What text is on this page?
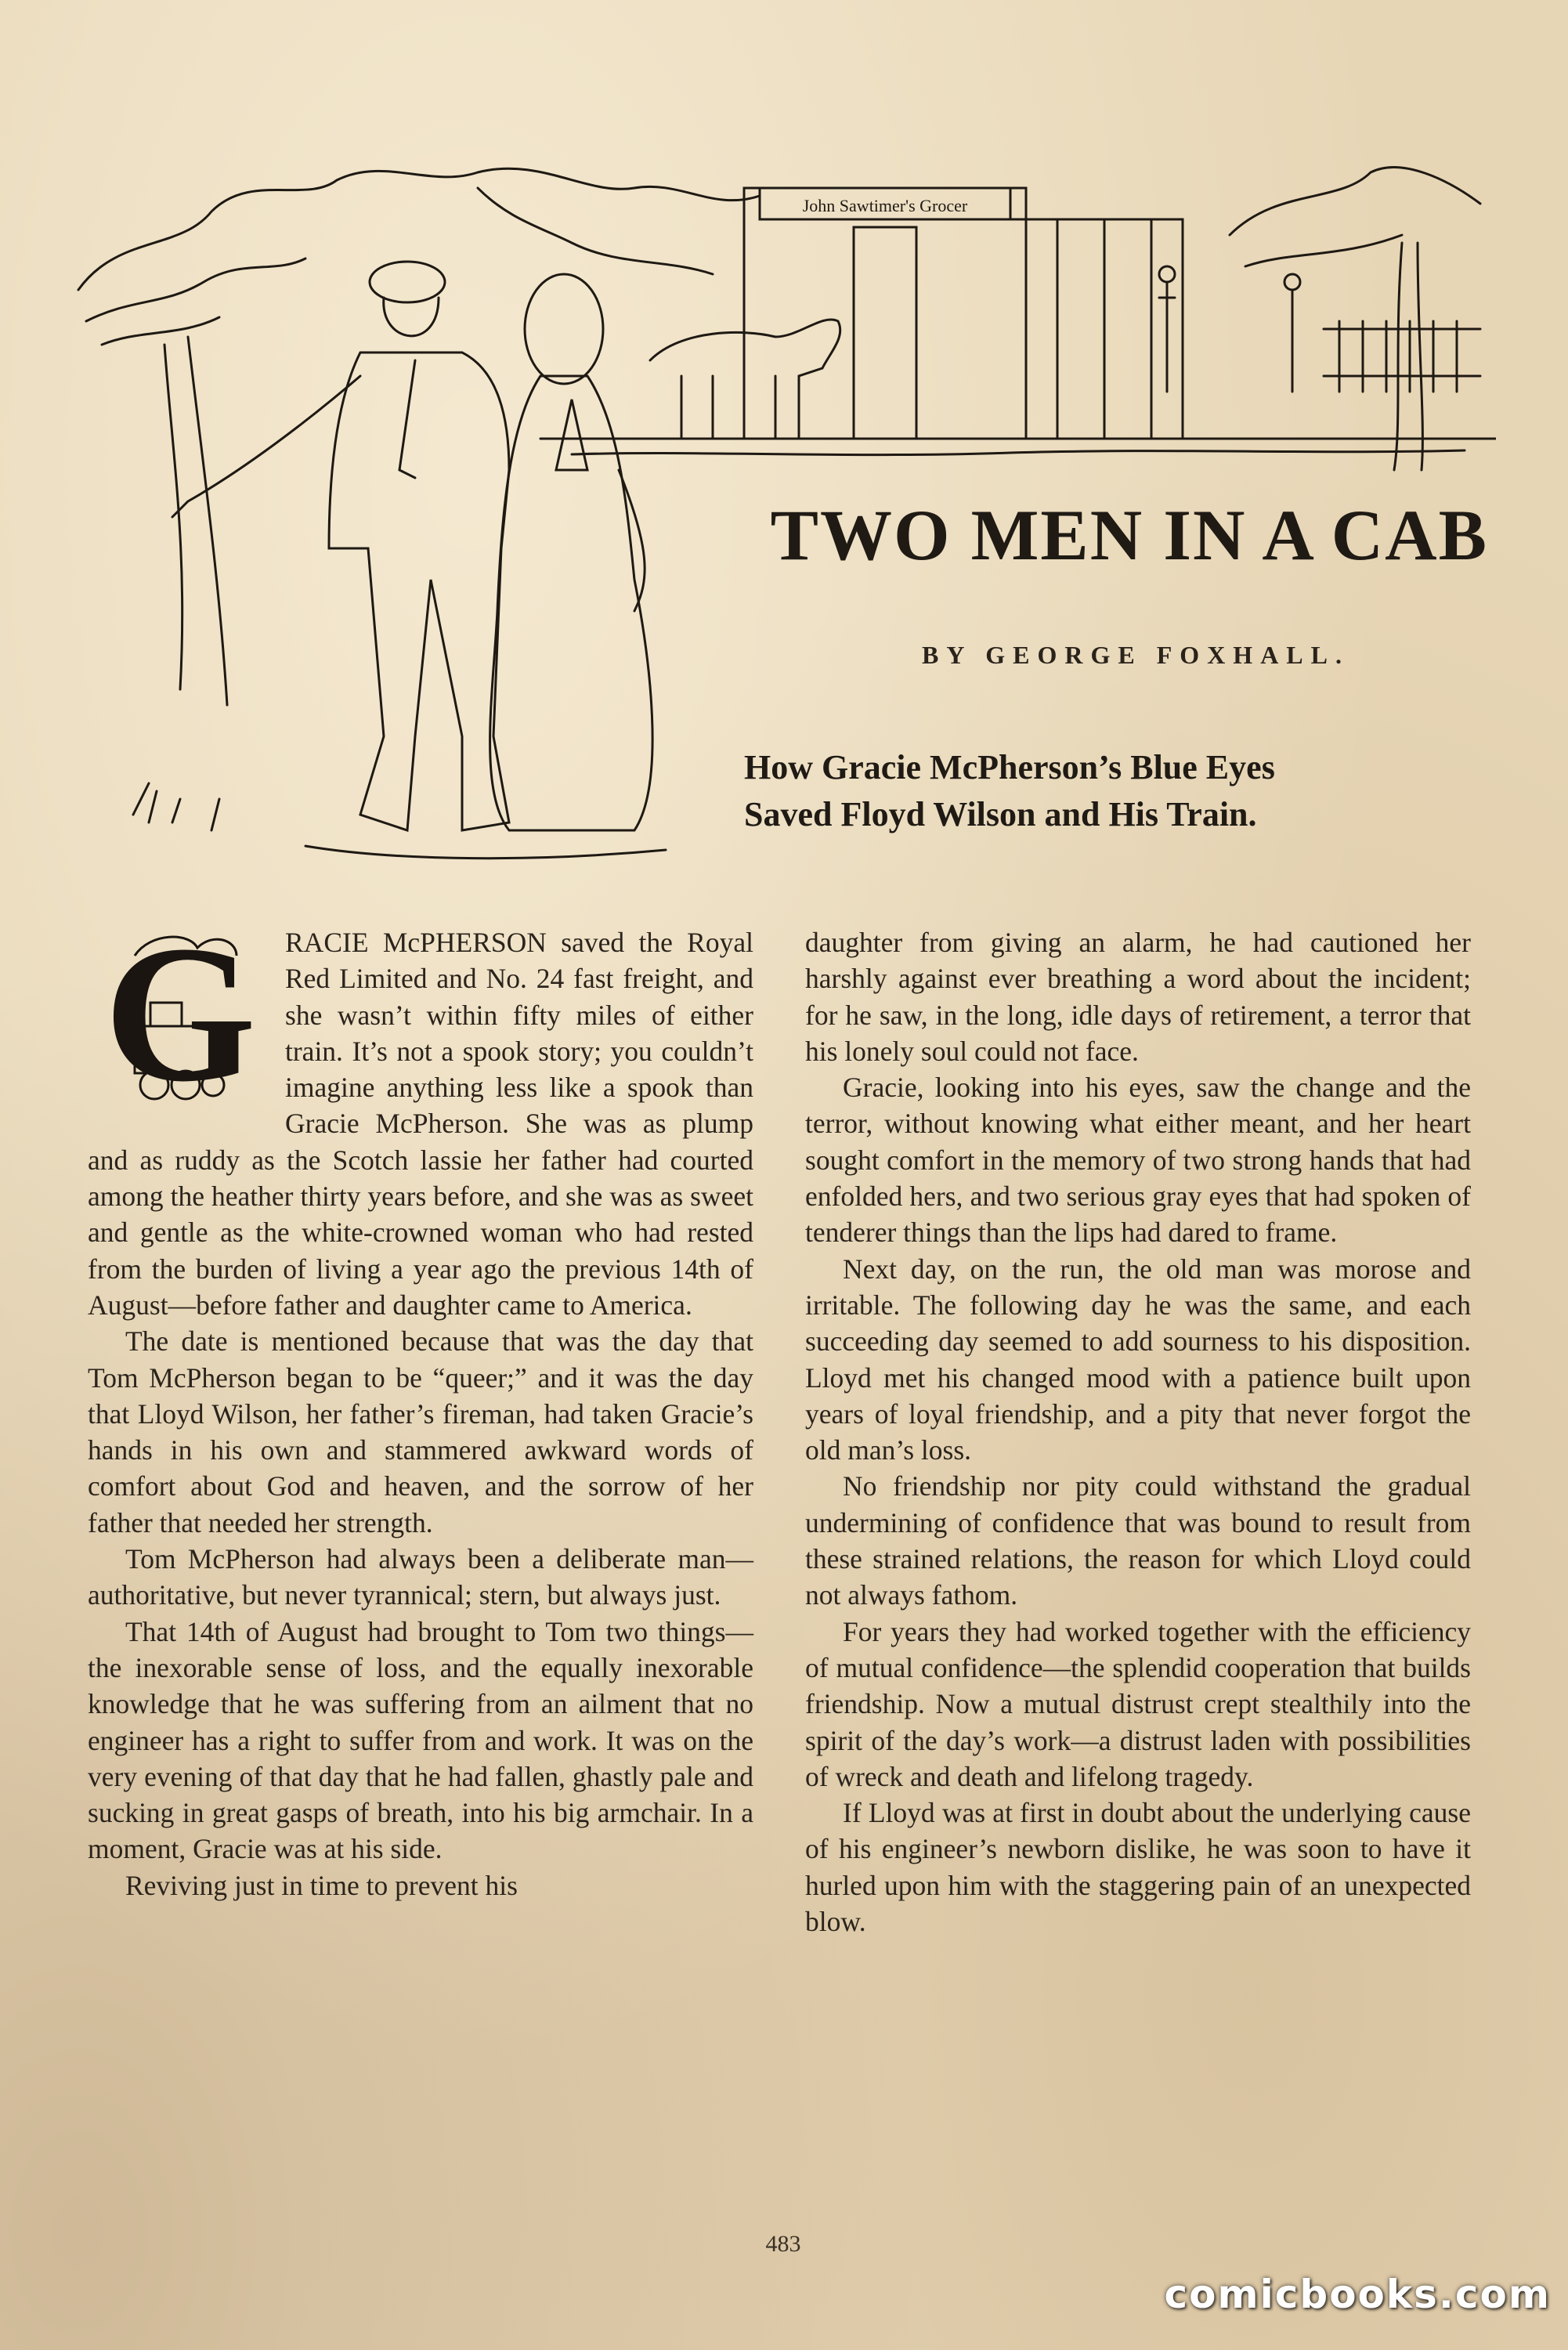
John Sawtimer's Grocer
TWO MEN IN A CAB
BY GEORGE FOXHALL.
How Gracie McPherson’s Blue Eyes
Saved Floyd Wilson and His Train.
G	RACIE McPHERSON saved the Royal Red Limited and No. 24 fast freight, and she wasn’t within fifty miles of either train. It’s not a spook story; you couldn’t imagine anything less like a spook than Gracie McPherson. She was as plump and as ruddy as the Scotch lassie her father had courted among the heather thirty years before, and she was as sweet and gentle as the white-crowned woman who had rested from the burden of living a year ago the previous 14th of August—before father and daughter came to America.

The date is mentioned because that was the day that Tom McPherson began to be “queer;” and it was the day that Lloyd Wilson, her father’s fireman, had taken Gracie’s hands in his own and stammered awkward words of comfort about God and heaven, and the sorrow of her father that needed her strength.

Tom McPherson had always been a deliberate man—authoritative, but never tyrannical; stern, but always just.

That 14th of August had brought to Tom two things—the inexorable sense of loss, and the equally inexorable knowledge that he was suffering from an ailment that no engineer has a right to suffer from and work. It was on the very evening of that day that he had fallen, ghastly pale and sucking in great gasps of breath, into his big armchair. In a moment, Gracie was at his side.

Reviving just in time to prevent his

daughter from giving an alarm, he had cautioned her harshly against ever breathing a word about the incident; for he saw, in the long, idle days of retirement, a terror that his lonely soul could not face.

Gracie, looking into his eyes, saw the change and the terror, without knowing what either meant, and her heart sought comfort in the memory of two strong hands that had enfolded hers, and two serious gray eyes that had spoken of tenderer things than the lips had dared to frame.

Next day, on the run, the old man was morose and irritable. The following day he was the same, and each succeeding day seemed to add sourness to his disposition. Lloyd met his changed mood with a patience built upon years of loyal friendship, and a pity that never forgot the old man’s loss.

No friendship nor pity could withstand the gradual undermining of confidence that was bound to result from these strained relations, the reason for which Lloyd could not always fathom.

For years they had worked together with the efficiency of mutual confidence—the splendid cooperation that builds friendship. Now a mutual distrust crept stealthily into the spirit of the day’s work—a distrust laden with possibilities of wreck and death and lifelong tragedy.

If Lloyd was at first in doubt about the underlying cause of his engineer’s newborn dislike, he was soon to have it hurled upon him with the staggering pain of an unexpected blow.

483
comicbooks.com
